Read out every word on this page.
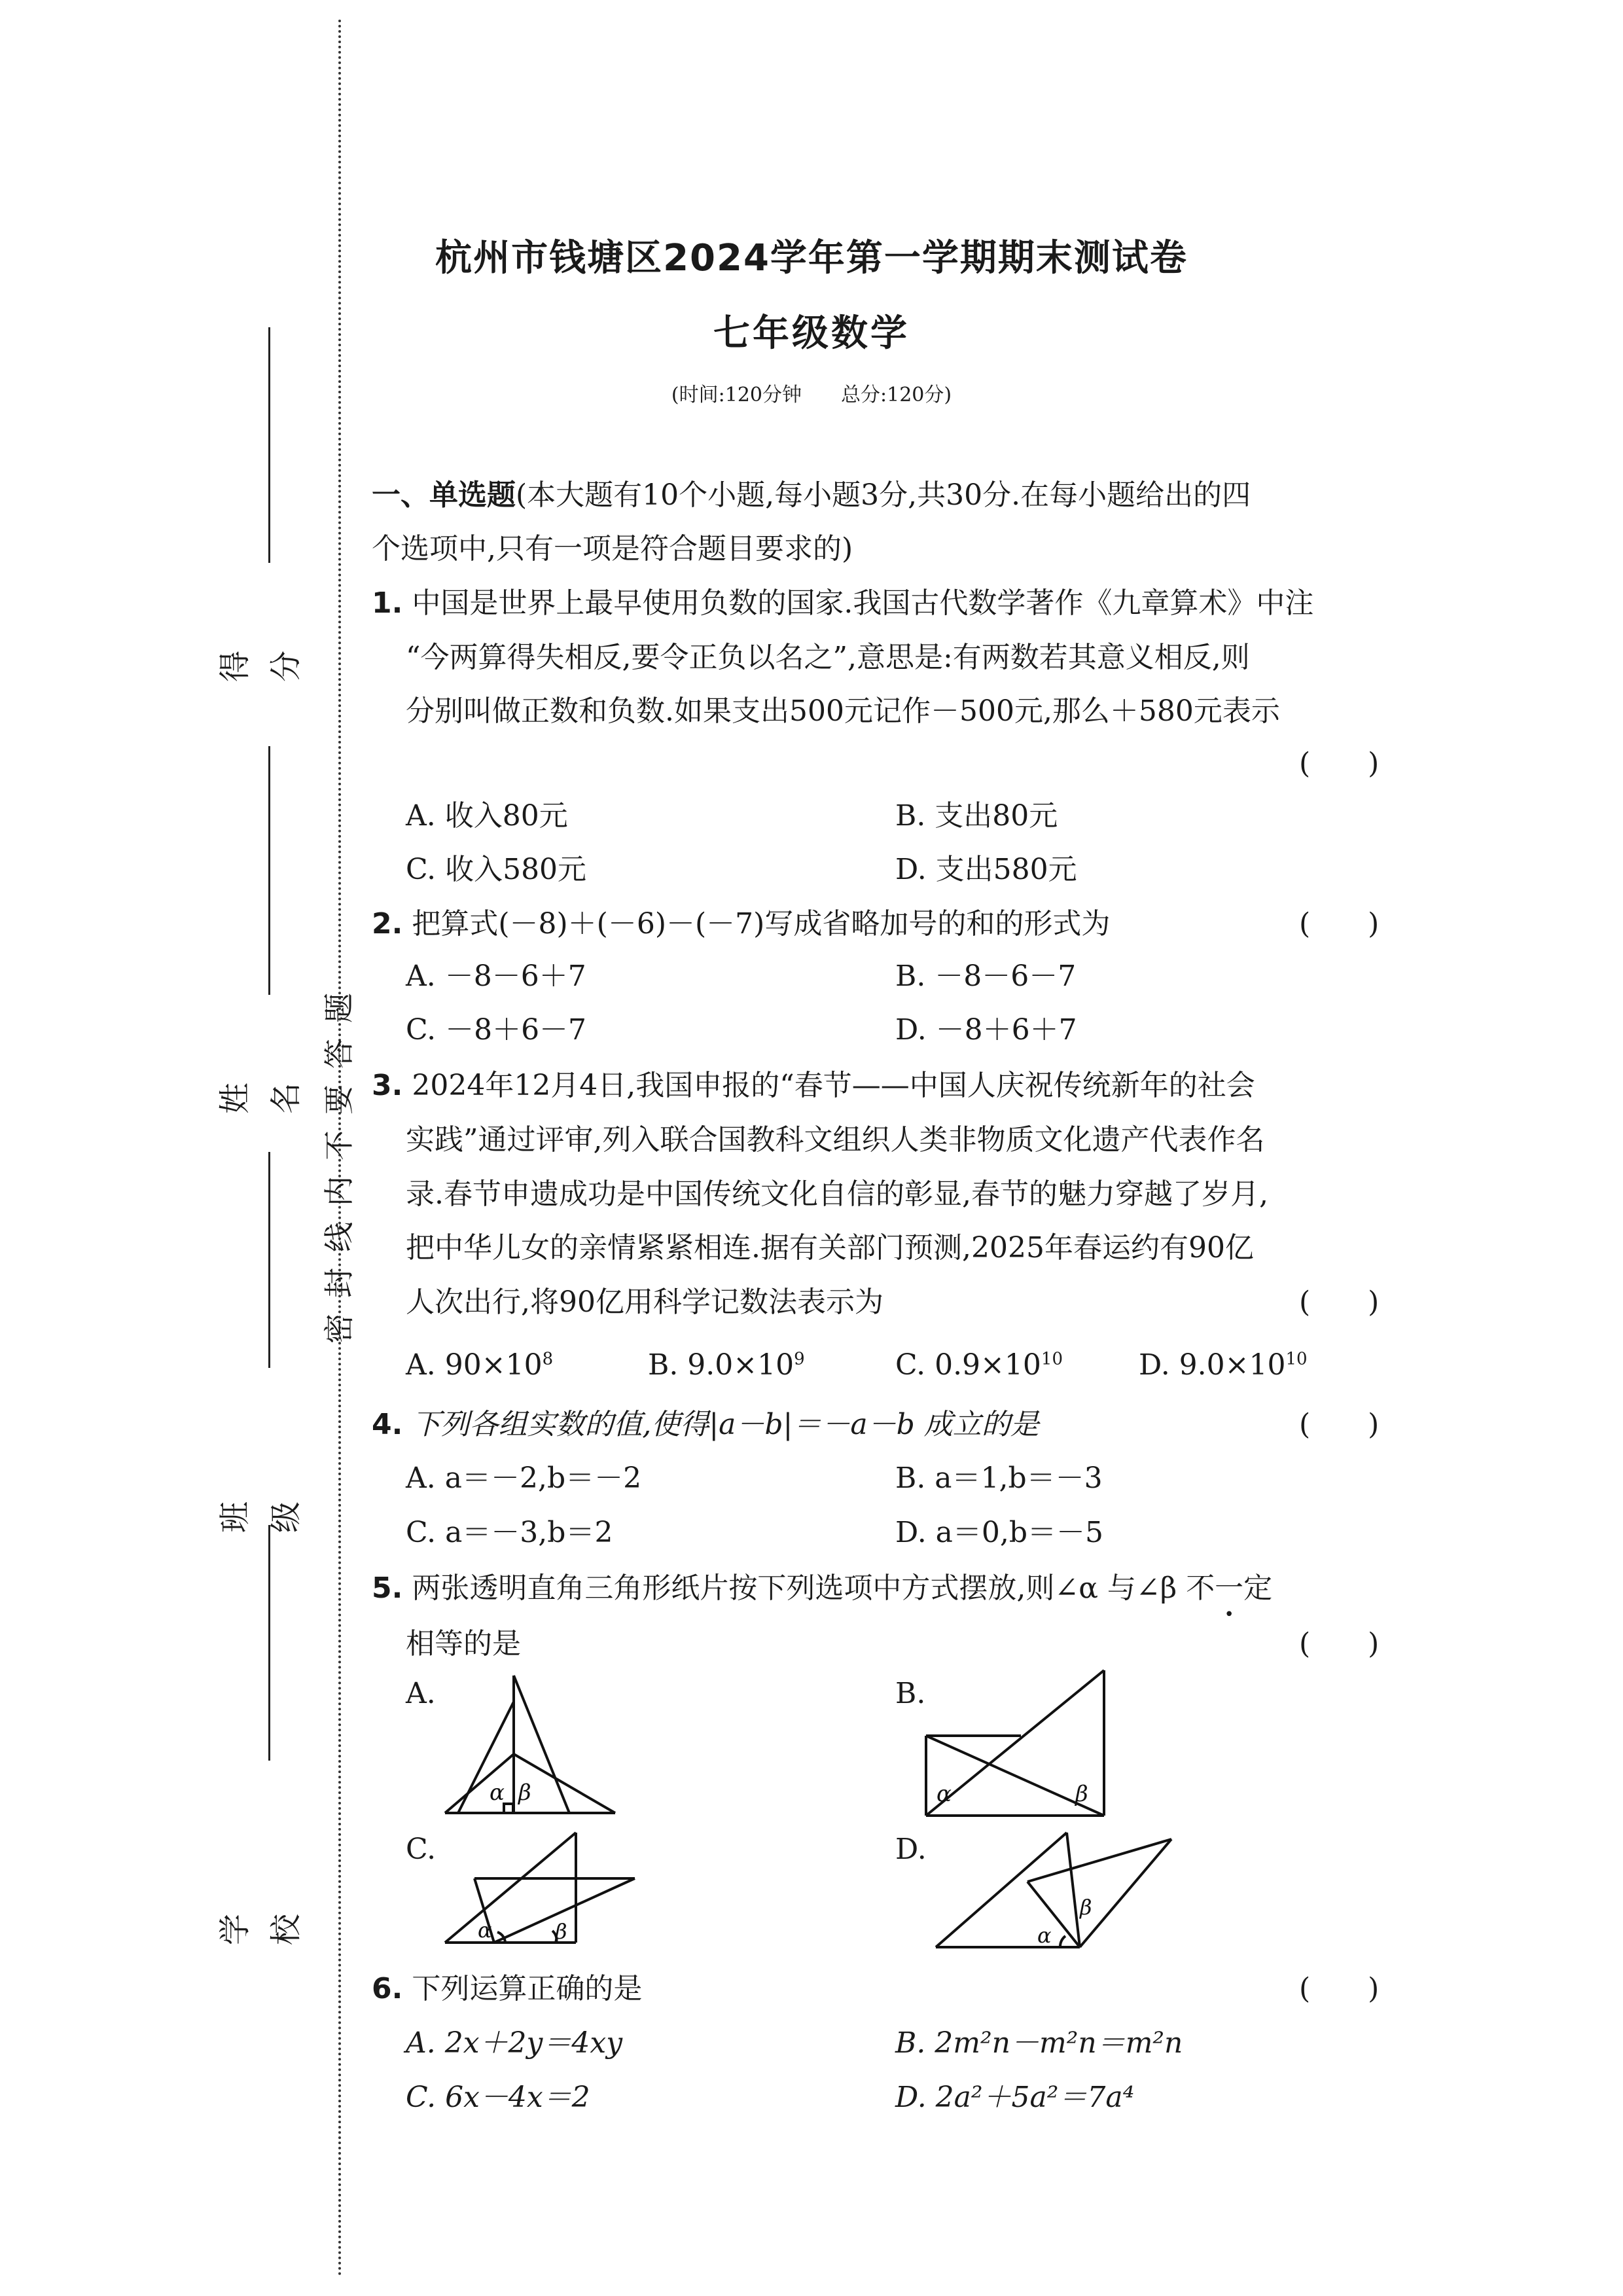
得 分
姓 名
班 级
学 校
题
答
要
不
内
线
封
密
杭州市钱塘区2024学年第一学期期末测试卷
七年级数学
(时间:120分钟　　总分:120分)
一、单选题(本大题有10个小题,每小题3分,共30分.在每小题给出的四
个选项中,只有一项是符合题目要求的)
1. 中国是世界上最早使用负数的国家.我国古代数学著作《九章算术》中注
“今两算得失相反,要令正负以名之”,意思是:有两数若其意义相反,则
分别叫做正数和负数.如果支出500元记作－500元,那么＋580元表示
(　　)
A. 收入80元	B. 支出80元
C. 收入580元	D. 支出580元
2. 把算式(－8)＋(－6)－(－7)写成省略加号的和的形式为	(　　)
A. －8－6＋7	B. －8－6－7
C. －8＋6－7	D. －8＋6＋7
3. 2024年12月4日,我国申报的“春节——中国人庆祝传统新年的社会
实践”通过评审,列入联合国教科文组织人类非物质文化遗产代表作名
录.春节申遗成功是中国传统文化自信的彰显,春节的魅力穿越了岁月,
把中华儿女的亲情紧紧相连.据有关部门预测,2025年春运约有90亿
人次出行,将90亿用科学记数法表示为	(　　)
A. $90\times 10^8$	B. $9.0\times 10^9$	C. $0.9\times 10^{10}$	D. $9.0\times 10^{10}$
4. 下列各组实数的值,使得|a－b|＝－a－b 成立的是	(　　)
A. a＝－2,b＝－2	B. a＝1,b＝－3
C. a＝－3,b＝2	D. a＝0,b＝－5
5. 两张透明直角三角形纸片按下列选项中方式摆放,则∠α 与∠β 不一定
相等的是	(　　)
A.	B.
C.	D.
α β	α	β
α	β	α
β
6. 下列运算正确的是	(　　)
A. 2x＋2y＝4xy	B. 2m²n－m²n＝m²n
C. 6x－4x＝2	D. 2a²＋5a²＝7a⁴
